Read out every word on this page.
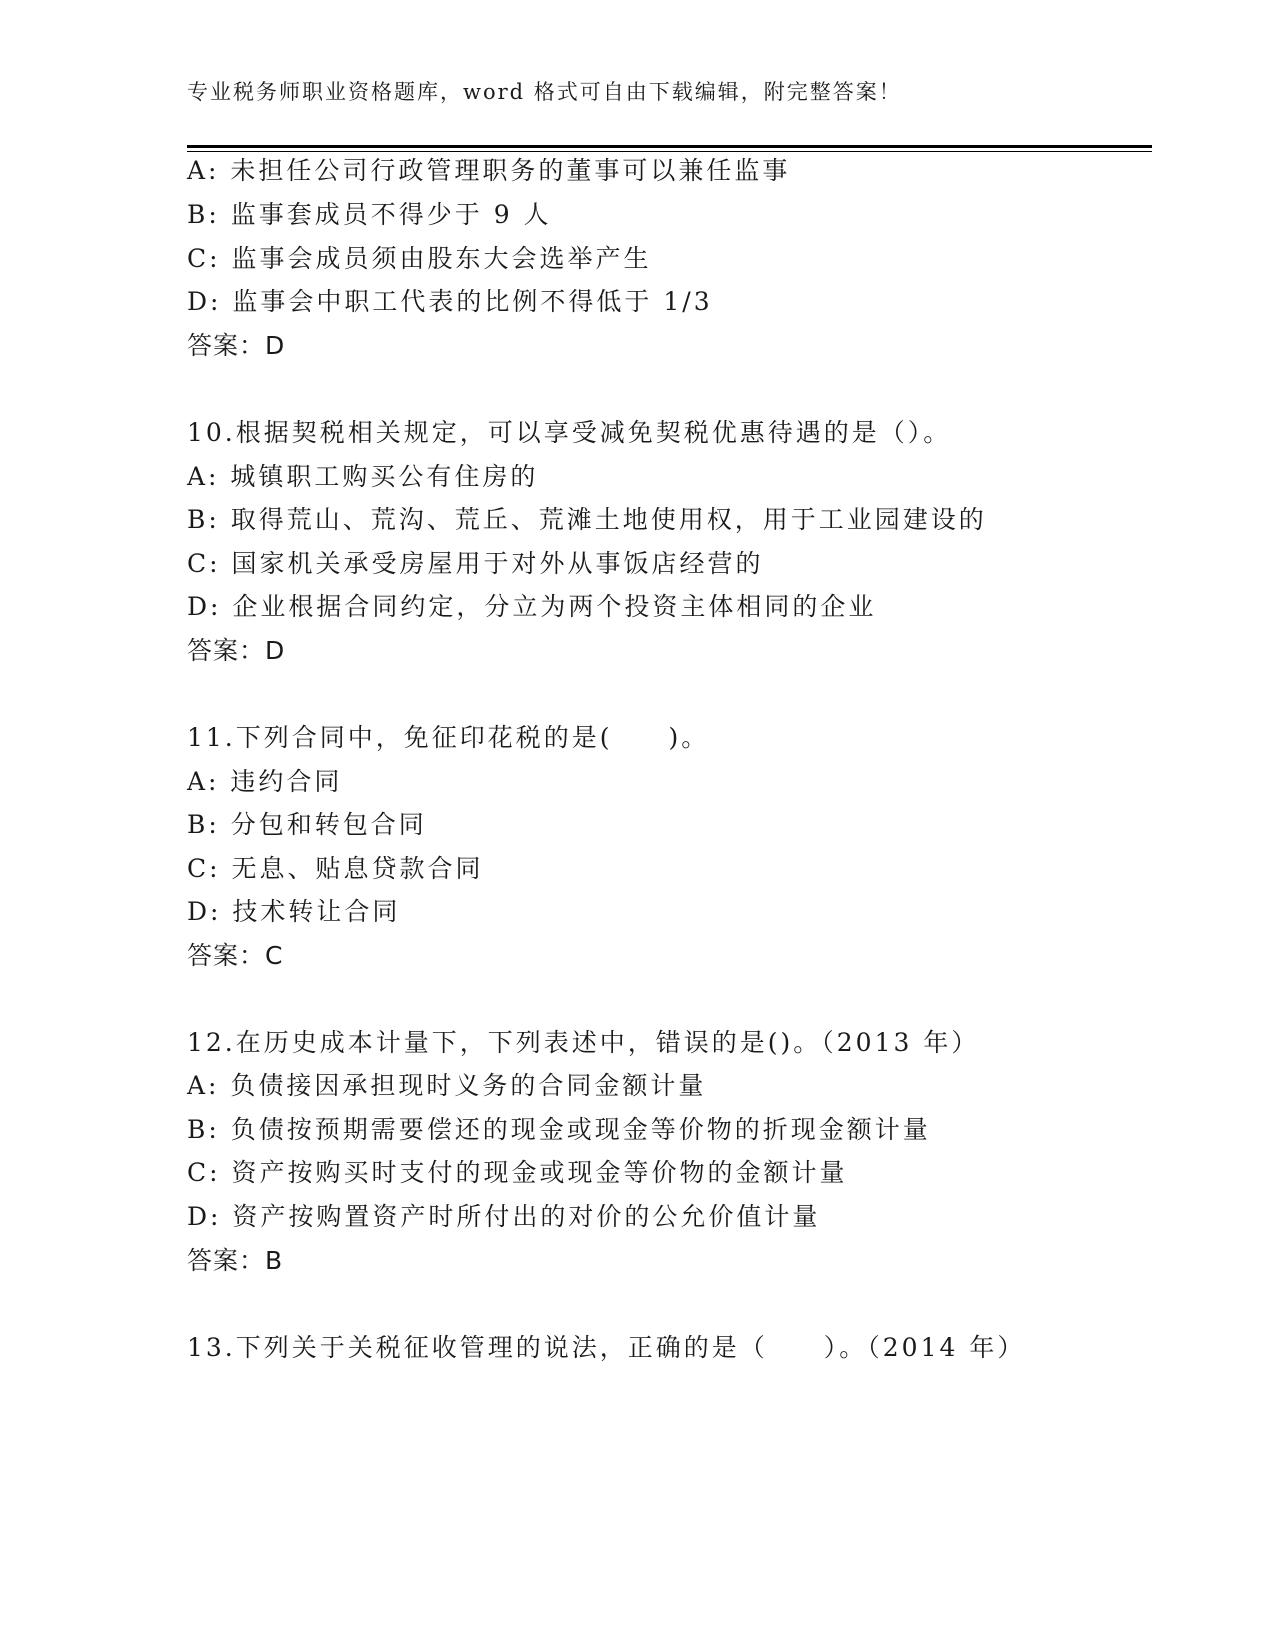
专业税务师职业资格题库，word 格式可自由下载编辑，附完整答案！
A: 未担任公司行政管理职务的董事可以兼任监事
B: 监事套成员不得少于 9 人
C: 监事会成员须由股东大会选举产生
D: 监事会中职工代表的比例不得低于 1/3
答案：D
10.根据契税相关规定，可以享受减免契税优惠待遇的是（）。
A: 城镇职工购买公有住房的
B: 取得荒山、荒沟、荒丘、荒滩土地使用权，用于工业园建设的
C: 国家机关承受房屋用于对外从事饭店经营的
D: 企业根据合同约定，分立为两个投资主体相同的企业
答案：D
11.下列合同中，免征印花税的是(　　)。
A: 违约合同
B: 分包和转包合同
C: 无息、贴息贷款合同
D: 技术转让合同
答案：C
12.在历史成本计量下，下列表述中，错误的是()。（2013 年）
A: 负债接因承担现时义务的合同金额计量
B: 负债按预期需要偿还的现金或现金等价物的折现金额计量
C: 资产按购买时支付的现金或现金等价物的金额计量
D: 资产按购置资产时所付出的对价的公允价值计量
答案：B
13.下列关于关税征收管理的说法，正确的是（　　）。（2014 年）
